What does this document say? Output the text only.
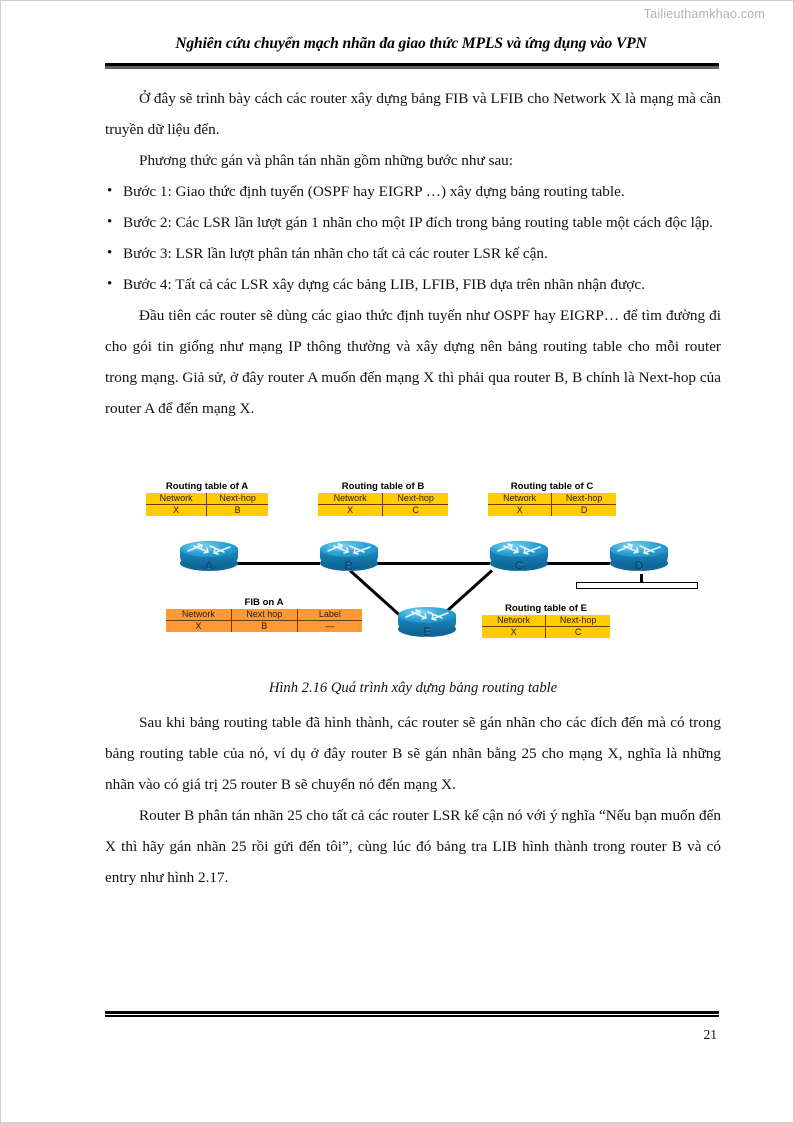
Tailieuthamkhao.com
Nghiên cứu chuyển mạch nhãn đa giao thức MPLS và ứng dụng vào VPN

Ở đây sẽ trình bày cách các router xây dựng bảng FIB và LFIB cho Network X là mạng mà cần truyền dữ liệu đến.

Phương thức gán và phân tán nhãn gồm những bước như sau:

• Bước 1: Giao thức định tuyến (OSPF hay EIGRP …) xây dựng bảng routing table.
• Bước 2: Các LSR lần lượt gán 1 nhãn cho một IP đích trong bảng routing table một cách độc lập.
• Bước 3: LSR lần lượt phân tán nhãn cho tất cả các router LSR kế cận.
• Bước 4: Tất cả các LSR xây dựng các bảng LIB, LFIB, FIB dựa trên nhãn nhận được.

Đầu tiên các router sẽ dùng các giao thức định tuyến như OSPF hay EIGRP… để tìm đường đi cho gói tin giống như mạng IP thông thường và xây dựng nên bảng routing table cho mỗi router trong mạng. Giả sử, ở đây router A muốn đến mạng X thì phải qua router B, B chính là Next-hop của router A để đến mạng X.

A	B	C	D
E
Routing table of A
Network	Next-hop
X	B
Routing table of B
Network	Next-hop
X	C
Routing table of C
Network	Next-hop
X	D
FIB on A
Network	Next hop	Label
X	B	—
Routing table of E
Network	Next-hop
X	C
Hình 2.16 Quá trình xây dựng bảng routing table

Sau khi bảng routing table đã hình thành, các router sẽ gán nhãn cho các đích đến mà có trong bảng routing table của nó, ví dụ ở đây router B sẽ gán nhãn bằng 25 cho mạng X, nghĩa là những nhãn vào có giá trị 25 router B sẽ chuyển nó đến mạng X.

Router B phân tán nhãn 25 cho tất cả các router LSR kế cận nó với ý nghĩa “Nếu bạn muốn đến X thì hãy gán nhãn 25 rồi gửi đến tôi”, cùng lúc đó bảng tra LIB hình thành trong router B và có entry như hình 2.17.

21
